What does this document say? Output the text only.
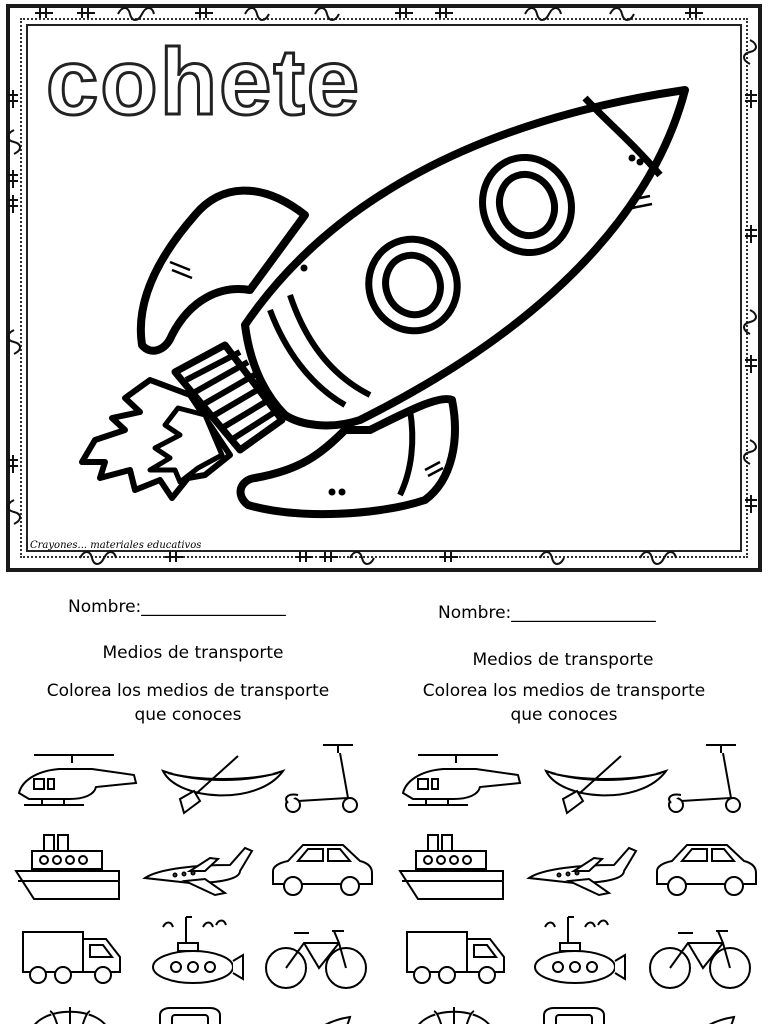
cohete
Crayones... materiales educativos
Nombre:_________________
Medios de transporte
Colorea los medios de transporte
que conoces
Nombre:_________________
Medios de transporte
Colorea los medios de transporte
que conoces
